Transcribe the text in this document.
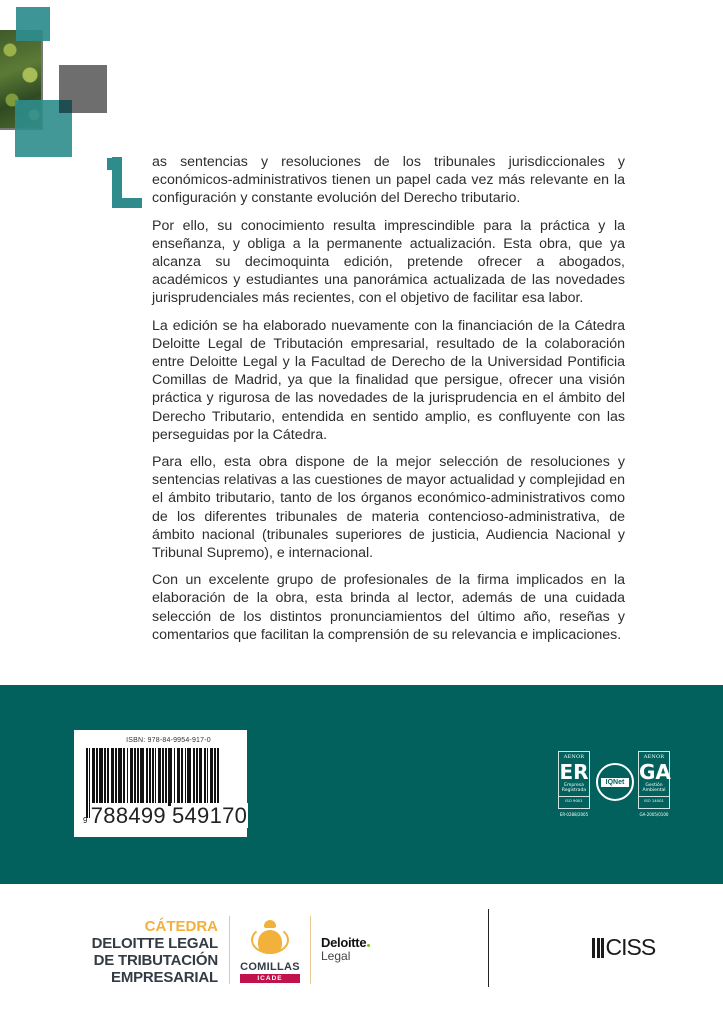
as sentencias y resoluciones de los tribunales jurisdiccionales y económicos-administrativos tienen un papel cada vez más relevante en la configuración y constante evolución del Derecho tributario.

Por ello, su conocimiento resulta imprescindible para la práctica y la enseñanza, y obliga a la permanente actualización. Esta obra, que ya alcanza su decimoquinta edición, pretende ofrecer a abogados, académicos y estudiantes una panorámica actualizada de las novedades jurisprudenciales más recientes, con el objetivo de facilitar esa labor.

La edición se ha elaborado nuevamente con la financiación de la Cátedra Deloitte Legal de Tributación empresarial, resultado de la colaboración entre Deloitte Legal y la Facultad de Derecho de la Universidad Pontificia Comillas de Madrid, ya que la finalidad que persigue, ofrecer una visión práctica y rigurosa de las novedades de la jurisprudencia en el ámbito del Derecho Tributario, entendida en sentido amplio, es confluyente con las perseguidas por la Cátedra.

Para ello, esta obra dispone de la mejor selección de resoluciones y sentencias relativas a las cuestiones de mayor actualidad y complejidad en el ámbito tributario, tanto de los órganos económico-administrativos como de los diferentes tribunales de materia contencioso-administrativa, de ámbito nacional (tribunales superiores de justicia, Audiencia Nacional y Tribunal Supremo), e internacional.

Con un excelente grupo de profesionales de la firma implicados en la elaboración de la obra, esta brinda al lector, además de una cuidada selección de los distintos pronunciamientos del último año, reseñas y comentarios que facilitan la comprensión de su relevancia e implicaciones.

ISBN: 978-84-9954-917-0
9 788499 549170
AENOR
ER
Empresa
Registrada
ISO 9001
ER-0288/2005
IQNet
AENOR
GA
Gestión
Ambiental
ISO 14001
GA-2005/0100
CÁTEDRA
DELOITTE LEGAL
DE TRIBUTACIÓN
EMPRESARIAL
COMILLAS
ICADE
Deloitte
Legal	CISS
